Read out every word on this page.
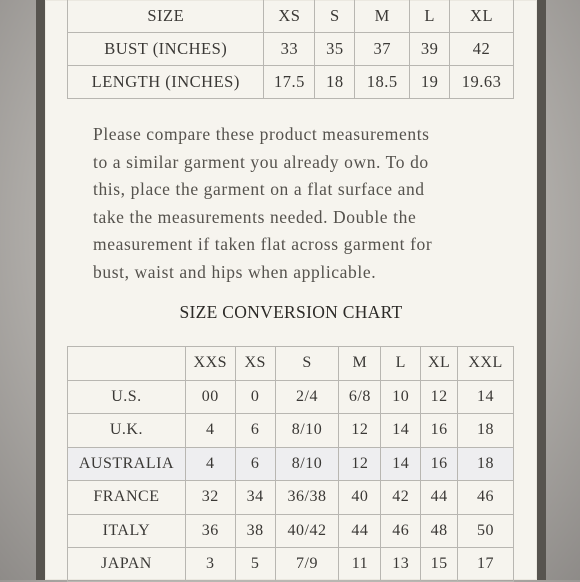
SIZE	XS	S	M	L	XL
BUST (INCHES)	33	35	37	39	42
LENGTH (INCHES)	17.5	18	18.5	19	19.63
Please compare these product measurements
to a similar garment you already own. To do
this, place the garment on a flat surface and
take the measurements needed. Double the
measurement if taken flat across garment for
bust, waist and hips when applicable.
SIZE CONVERSION CHART
	XXS	XS	S	M	L	XL	XXL
U.S.	00	0	2/4	6/8	10	12	14
U.K.	4	6	8/10	12	14	16	18
AUSTRALIA	4	6	8/10	12	14	16	18
FRANCE	32	34	36/38	40	42	44	46
ITALY	36	38	40/42	44	46	48	50
JAPAN	3	5	7/9	11	13	15	17
